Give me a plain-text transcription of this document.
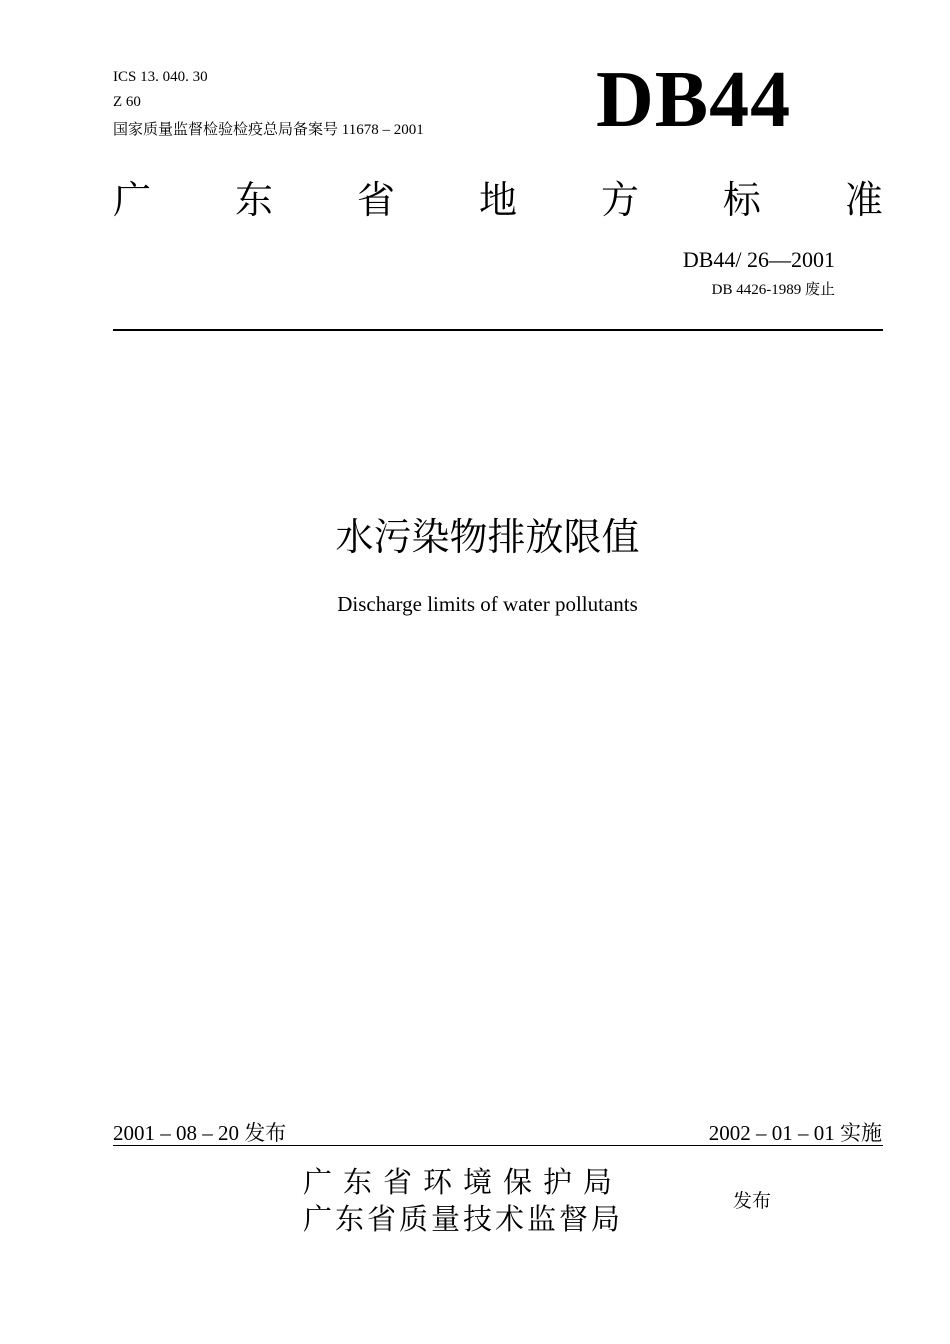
ICS 13. 040. 30
Z 60
国家质量监督检验检疫总局备案号 11678 – 2001 DB44
广 东 省 地 方 标 准
DB44/ 26—2001
DB 4426-1989 废止
水污染物排放限值
Discharge limits of water pollutants
2001 – 08 – 20 发布	2002 – 01 – 01 实施
广东省环境保护局
广东省质量技术监督局
发布
